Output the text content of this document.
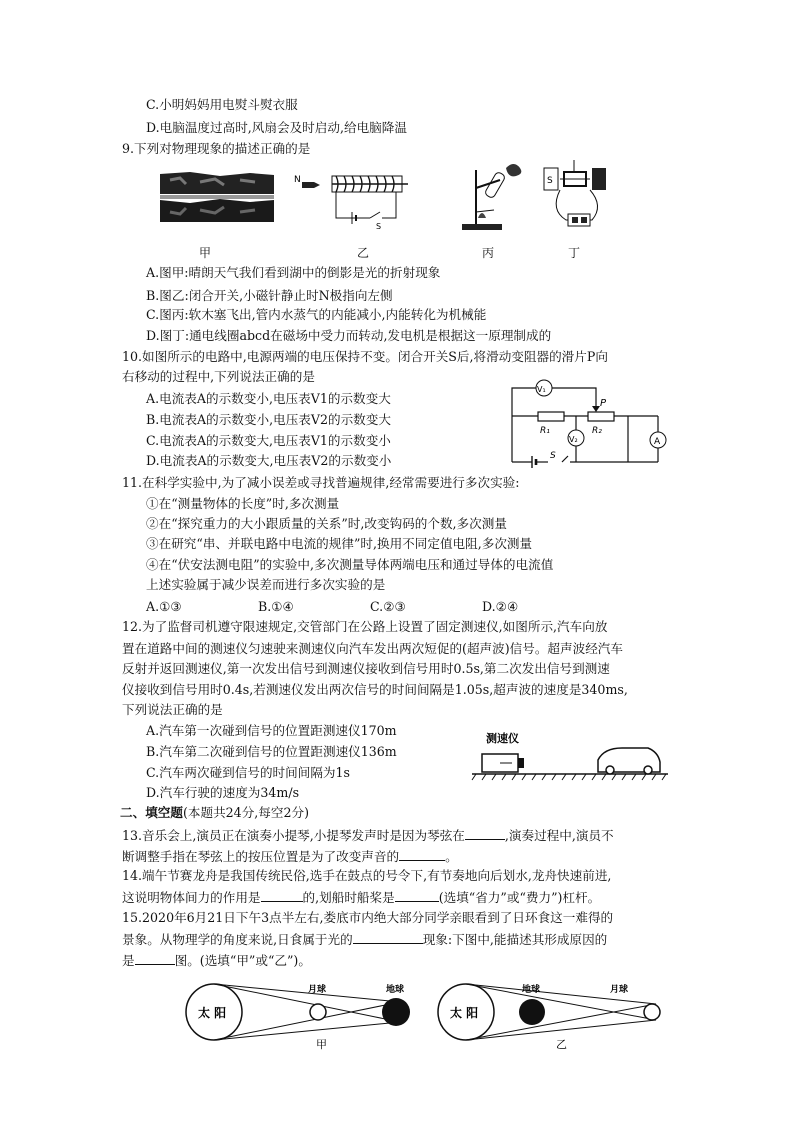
C.小明妈妈用电熨斗熨衣服
D.电脑温度过高时,风扇会及时启动,给电脑降温
9.下列对物理现象的描述正确的是
甲
N
S
乙	丙
S
丁
A.图甲:晴朗天气我们看到湖中的倒影是光的折射现象
B.图乙:闭合开关,小磁针静止时N极指向左侧
C.图丙:软木塞飞出,管内水蒸气的内能减小,内能转化为机械能
D.图丁:通电线圈abcd在磁场中受力而转动,发电机是根据这一原理制成的
10.如图所示的电路中,电源两端的电压保持不变。闭合开关S后,将滑动变阻器的滑片P向
右移动的过程中,下列说法正确的是
A.电流表A的示数变小,电压表V1的示数变大
B.电流表A的示数变小,电压表V2的示数变大
C.电流表A的示数变大,电压表V1的示数变小
D.电流表A的示数变大,电压表V2的示数变小
V₁
V₂	A
P
R₁	R₂
S
11.在科学实验中,为了减小误差或寻找普遍规律,经常需要进行多次实验:
①在“测量物体的长度”时,多次测量
②在“探究重力的大小跟质量的关系”时,改变钩码的个数,多次测量
③在研究“串、并联电路中电流的规律”时,换用不同定值电阻,多次测量
④在“伏安法测电阻”的实验中,多次测量导体两端电压和通过导体的电流值
上述实验属于减少误差而进行多次实验的是
A.①③	B.①④	C.②③	D.②④
12.为了监督司机遵守限速规定,交管部门在公路上设置了固定测速仪,如图所示,汽车向放
置在道路中间的测速仪匀速驶来测速仪向汽车发出两次短促的(超声波)信号。超声波经汽车
反射并返回测速仪,第一次发出信号到测速仪接收到信号用时0.5s,第二次发出信号到测速
仪接收到信号用时0.4s,若测速仪发出两次信号的时间间隔是1.05s,超声波的速度是340ms,
下列说法正确的是
A.汽车第一次碰到信号的位置距测速仪170m
B.汽车第二次碰到信号的位置距测速仪136m
C.汽车两次碰到信号的时间间隔为1s
D.汽车行驶的速度为34m/s
测速仪
二、填空题(本题共24分,每空2分)
13.音乐会上,演员正在演奏小提琴,小提琴发声时是因为琴弦在	,演奏过程中,演员不
断调整手指在琴弦上的按压位置是为了改变声音的	。
14.端午节赛龙舟是我国传统民俗,选手在鼓点的号令下,有节奏地向后划水,龙舟快速前进,
这说明物体间力的作用是	的,划船时船桨是	(选填“省力”或“费力”)杠杆。
15.2020年6月21日下午3点半左右,娄底市内绝大部分同学亲眼看到了日环食这一难得的
景象。从物理学的角度来说,日食属于光的	现象:下图中,能描述其形成原因的
是	图。(选填“甲”或“乙”)。
太 阳
月球	地球
甲
太 阳
地球	月球
乙
